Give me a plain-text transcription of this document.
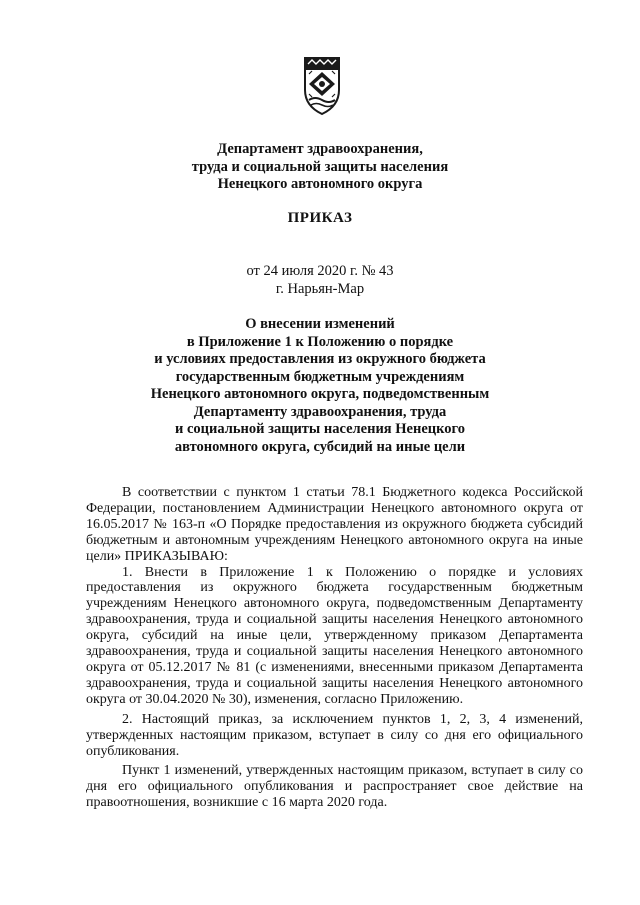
Департамент здравоохранения,
труда и социальной защиты населения
Ненецкого автономного округа
ПРИКАЗ
от 24 июля 2020 г. № 43
г. Нарьян-Мар
О внесении изменений
в Приложение 1 к Положению о порядке
и условиях предоставления из окружного бюджета
государственным бюджетным учреждениям
Ненецкого автономного округа, подведомственным
Департаменту здравоохранения, труда
и социальной защиты населения Ненецкого
автономного округа, субсидий на иные цели

В соответствии с пунктом 1 статьи 78.1 Бюджетного кодекса Российской Федерации, постановлением Администрации Ненецкого автономного округа от 16.05.2017 № 163-п «О Порядке предоставления из окружного бюджета субсидий бюджетным и автономным учреждениям Ненецкого автономного округа на иные цели» ПРИКАЗЫВАЮ:

1. Внести в Приложение 1 к Положению о порядке и условиях предоставления из окружного бюджета государственным бюджетным учреждениям Ненецкого автономного округа, подведомственным Департаменту здравоохранения, труда и социальной защиты населения Ненецкого автономного округа, субсидий на иные цели, утвержденному приказом Департамента здравоохранения, труда и социальной защиты населения Ненецкого автономного округа от 05.12.2017 № 81 (с изменениями, внесенными приказом Департамента здравоохранения, труда и социальной защиты населения Ненецкого автономного округа от 30.04.2020 № 30), изменения, согласно Приложению.

2. Настоящий приказ, за исключением пунктов 1, 2, 3, 4 изменений, утвержденных настоящим приказом, вступает в силу со дня его официального опубликования.

Пункт 1 изменений, утвержденных настоящим приказом, вступает в силу со дня его официального опубликования и распространяет свое действие на правоотношения, возникшие с 16 марта 2020 года.
